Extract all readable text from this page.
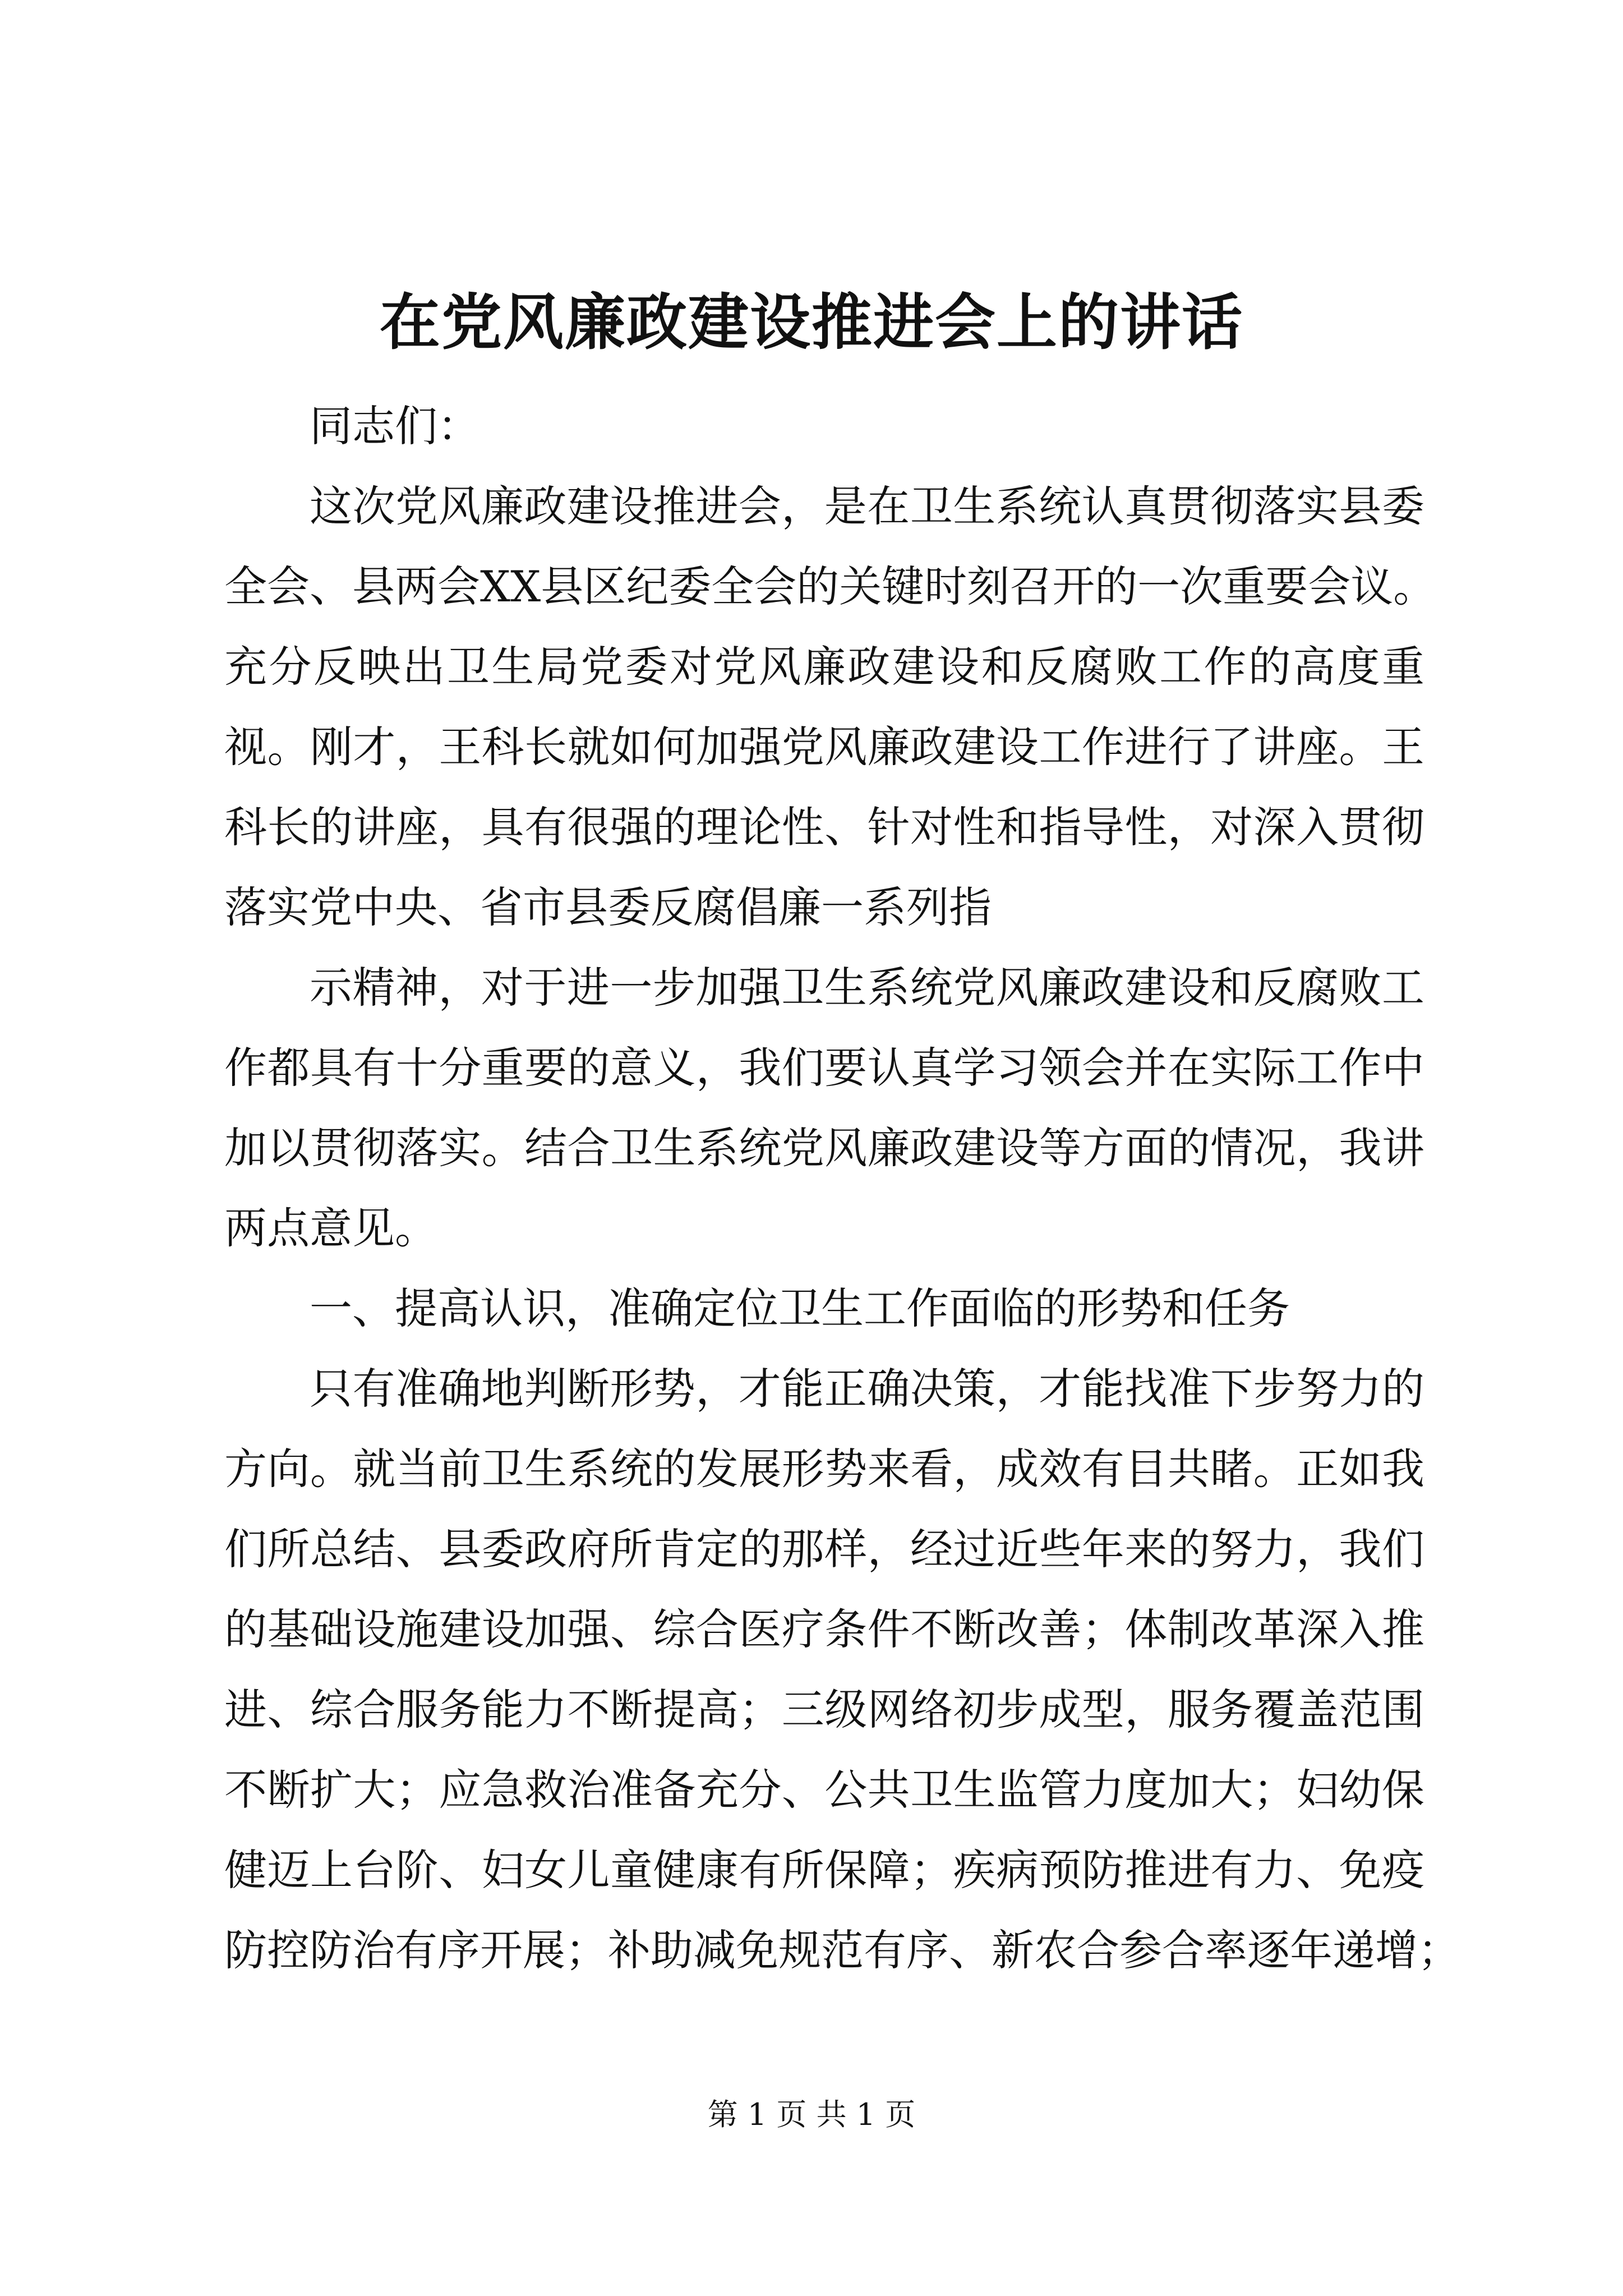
在党风廉政建设推进会上的讲话
同志们：
这次党风廉政建设推进会，是在卫生系统认真贯彻落实县委
全会、县两会XX县区纪委全会的关键时刻召开的一次重要会议。
充分反映出卫生局党委对党风廉政建设和反腐败工作的高度重
视。刚才，王科长就如何加强党风廉政建设工作进行了讲座。王
科长的讲座，具有很强的理论性、针对性和指导性，对深入贯彻
落实党中央、省市县委反腐倡廉一系列指
示精神，对于进一步加强卫生系统党风廉政建设和反腐败工
作都具有十分重要的意义，我们要认真学习领会并在实际工作中
加以贯彻落实。结合卫生系统党风廉政建设等方面的情况，我讲
两点意见。
一、提高认识，准确定位卫生工作面临的形势和任务
只有准确地判断形势，才能正确决策，才能找准下步努力的
方向。就当前卫生系统的发展形势来看，成效有目共睹。正如我
们所总结、县委政府所肯定的那样，经过近些年来的努力，我们
的基础设施建设加强、综合医疗条件不断改善；体制改革深入推
进、综合服务能力不断提高；三级网络初步成型，服务覆盖范围
不断扩大；应急救治准备充分、公共卫生监管力度加大；妇幼保
健迈上台阶、妇女儿童健康有所保障；疾病预防推进有力、免疫
防控防治有序开展；补助减免规范有序、新农合参合率逐年递增；
第 1 页 共 1 页
